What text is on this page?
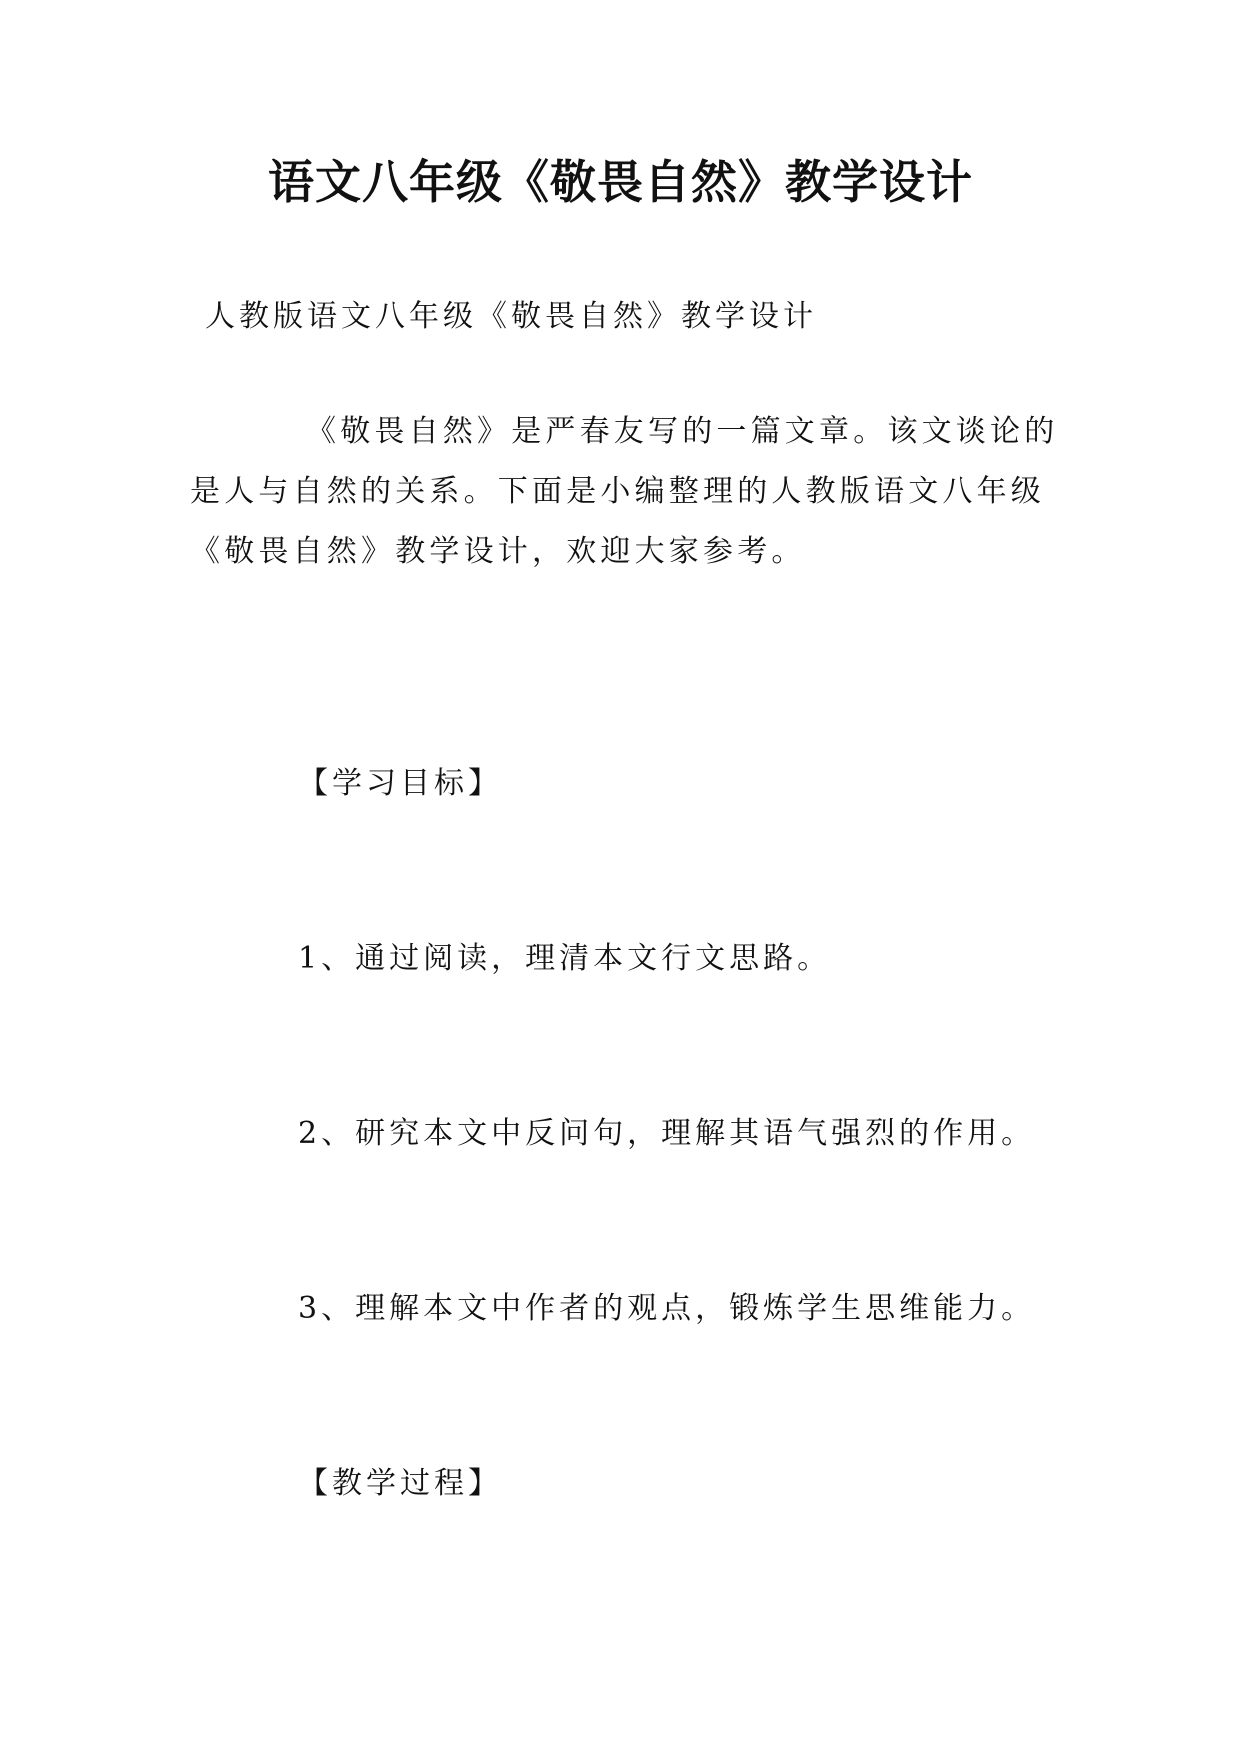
语文八年级《敬畏自然》教学设计

人教版语文八年级《敬畏自然》教学设计

《敬畏自然》是严春友写的一篇文章。该文谈论的是人与自然的关系。下面是小编整理的人教版语文八年级《敬畏自然》教学设计，欢迎大家参考。

【学习目标】

1、通过阅读，理清本文行文思路。

2、研究本文中反问句，理解其语气强烈的作用。

3、理解本文中作者的观点，锻炼学生思维能力。

【教学过程】
